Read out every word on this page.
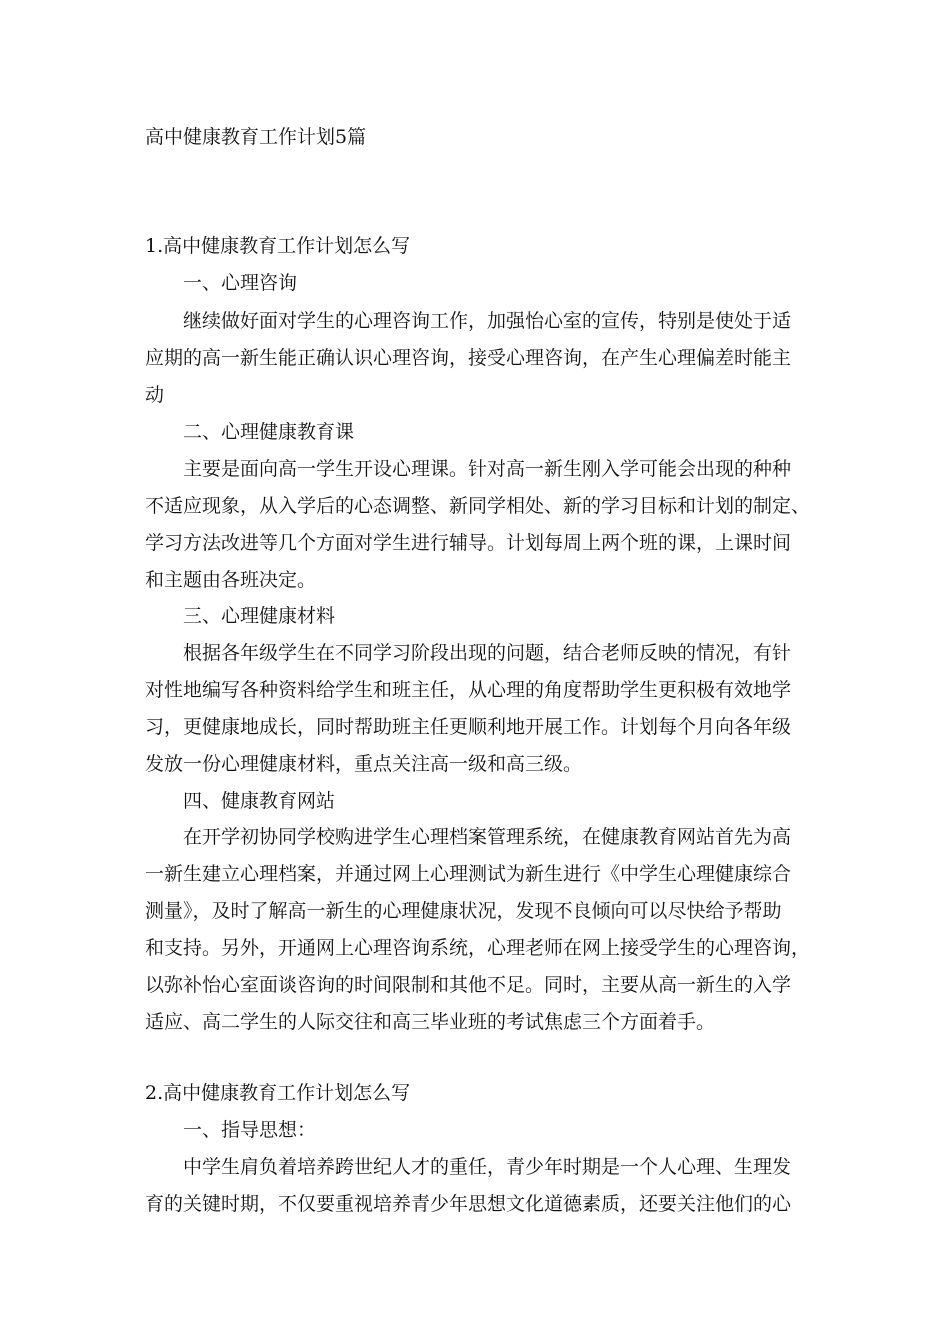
高中健康教育工作计划5篇
1.高中健康教育工作计划怎么写
一、心理咨询
继续做好面对学生的心理咨询工作，加强怡心室的宣传，特别是使处于适
应期的高一新生能正确认识心理咨询，接受心理咨询，在产生心理偏差时能主
动
二、心理健康教育课
主要是面向高一学生开设心理课。针对高一新生刚入学可能会出现的种种
不适应现象，从入学后的心态调整、新同学相处、新的学习目标和计划的制定、
学习方法改进等几个方面对学生进行辅导。计划每周上两个班的课，上课时间
和主题由各班决定。
三、心理健康材料
根据各年级学生在不同学习阶段出现的问题，结合老师反映的情况，有针
对性地编写各种资料给学生和班主任，从心理的角度帮助学生更积极有效地学
习，更健康地成长，同时帮助班主任更顺利地开展工作。计划每个月向各年级
发放一份心理健康材料，重点关注高一级和高三级。
四、健康教育网站
在开学初协同学校购进学生心理档案管理系统，在健康教育网站首先为高
一新生建立心理档案，并通过网上心理测试为新生进行《中学生心理健康综合
测量》，及时了解高一新生的心理健康状况，发现不良倾向可以尽快给予帮助
和支持。另外，开通网上心理咨询系统，心理老师在网上接受学生的心理咨询，
以弥补怡心室面谈咨询的时间限制和其他不足。同时，主要从高一新生的入学
适应、高二学生的人际交往和高三毕业班的考试焦虑三个方面着手。
2.高中健康教育工作计划怎么写
一、指导思想：
中学生肩负着培养跨世纪人才的重任，青少年时期是一个人心理、生理发
育的关键时期，不仅要重视培养青少年思想文化道德素质，还要关注他们的心
